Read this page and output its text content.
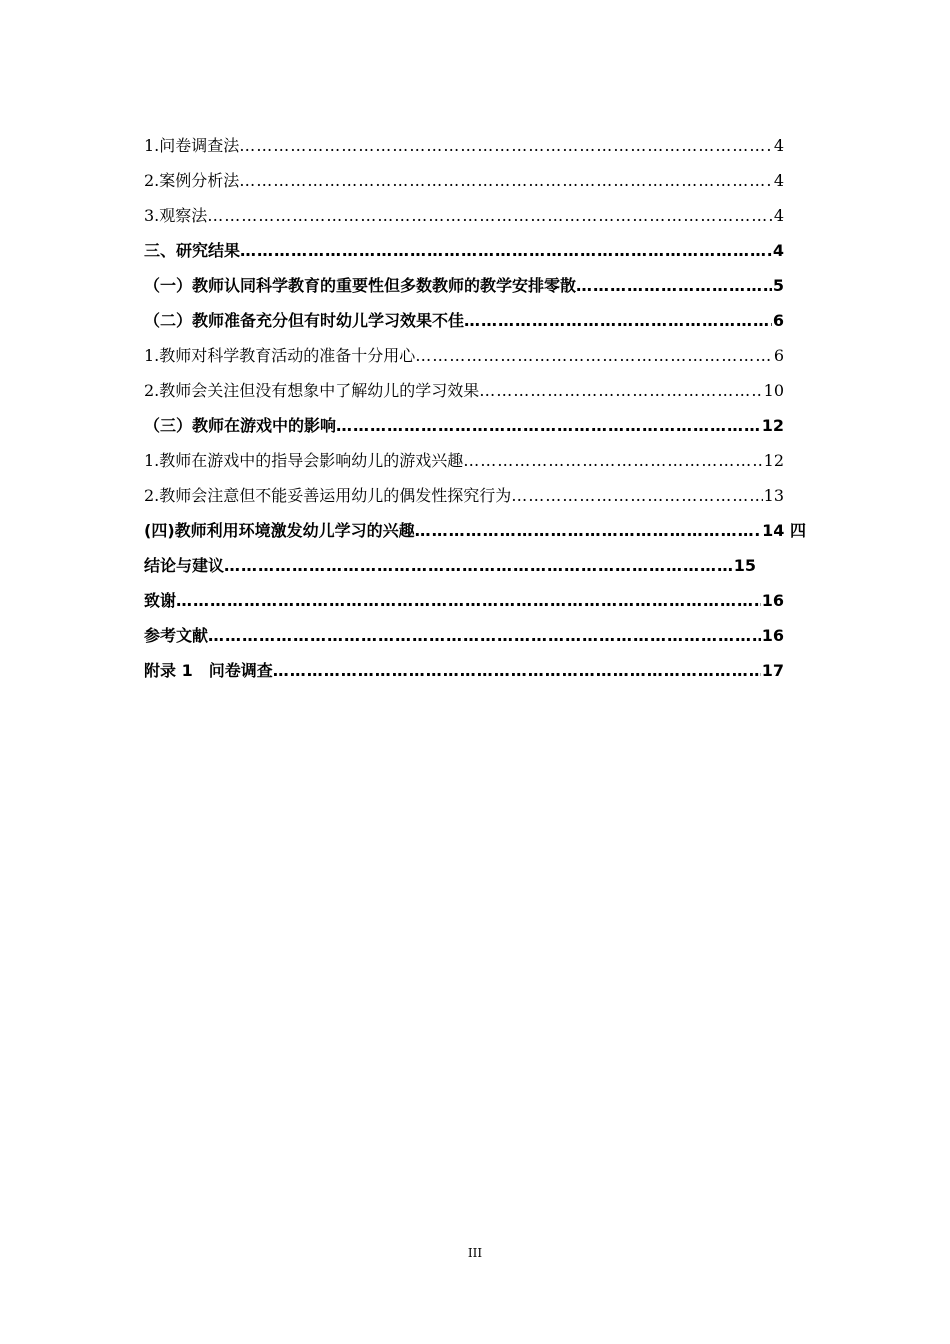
1.问卷调查法 …………………………………………………………………………………………………………………………………………………………………………………………………	4
2.案例分析法 …………………………………………………………………………………………………………………………………………………………………………………………………	4
3.观察法 …………………………………………………………………………………………………………………………………………………………………………………………………	4
三、研究结果 …………………………………………………………………………………………………………………………………………………………………………………………………	4
（一）教师认同科学教育的重要性但多数教师的教学安排零散 …………………………………………………………………………………………………………………………………………………………………………………………………	5
（二）教师准备充分但有时幼儿学习效果不佳 …………………………………………………………………………………………………………………………………………………………………………………………………	6
1.教师对科学教育活动的准备十分用心 …………………………………………………………………………………………………………………………………………………………………………………………………	6
2.教师会关注但没有想象中了解幼儿的学习效果 …………………………………………………………………………………………………………………………………………………………………………………………………	10
（三）教师在游戏中的影响 …………………………………………………………………………………………………………………………………………………………………………………………………	12
1.教师在游戏中的指导会影响幼儿的游戏兴趣 …………………………………………………………………………………………………………………………………………………………………………………………………	12
2.教师会注意但不能妥善运用幼儿的偶发性探究行为 …………………………………………………………………………………………………………………………………………………………………………………………………	13
(四)教师利用环境激发幼儿学习的兴趣 …………………………………………………………………………………………………………………………………………………………………………………………………	14 四
结论与建议 …………………………………………………………………………………………………………………………………………………………………………………………………	15
致谢 …………………………………………………………………………………………………………………………………………………………………………………………………	16
参考文献 …………………………………………………………………………………………………………………………………………………………………………………………………	16
附录 1　问卷调查 …………………………………………………………………………………………………………………………………………………………………………………………………	17
III
